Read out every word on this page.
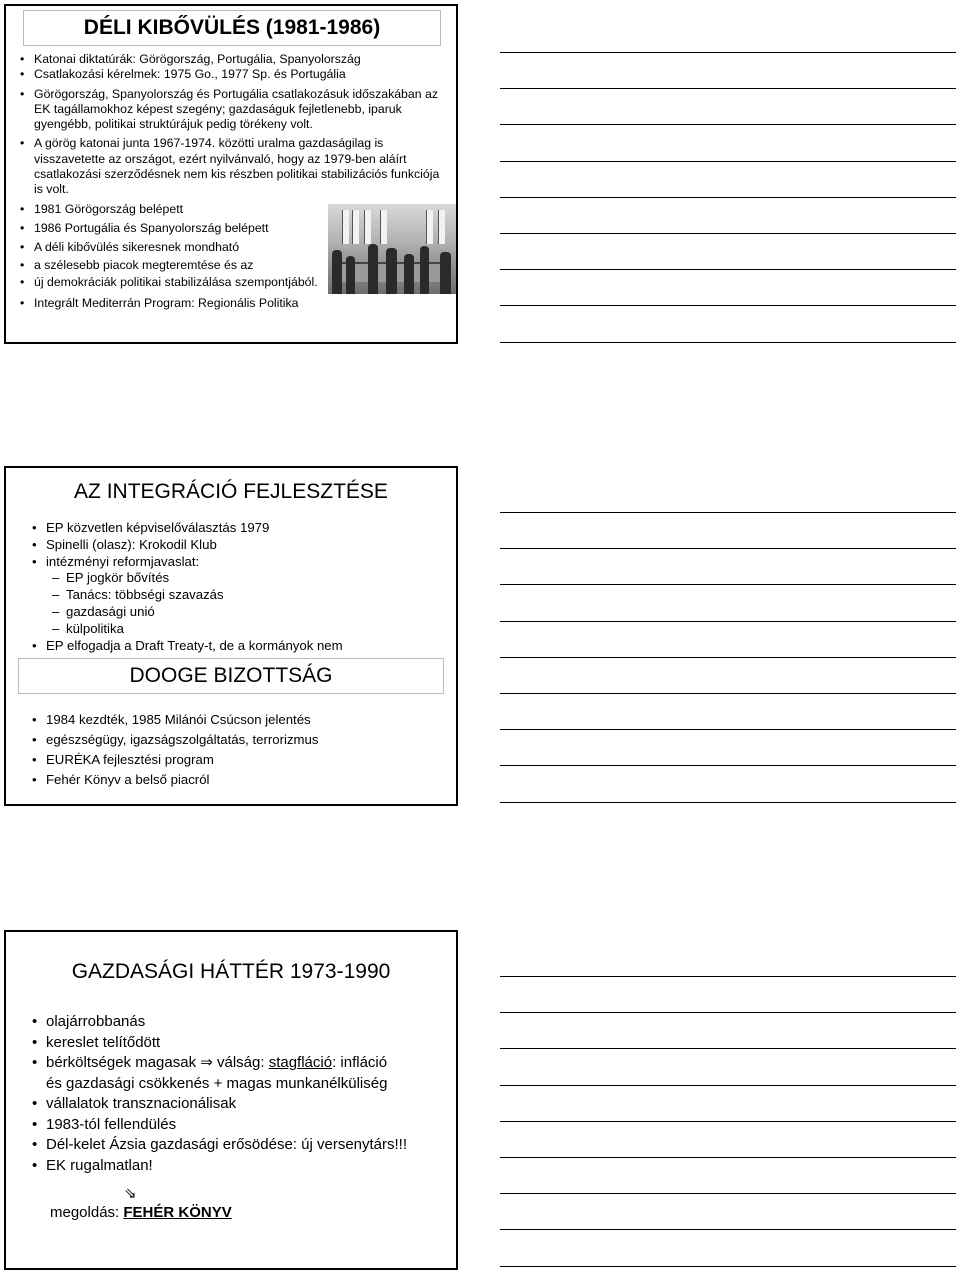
DÉLI KIBŐVÜLÉS (1981-1986)
• Katonai diktatúrák: Görögország, Portugália, Spanyolország
• Csatlakozási kérelmek: 1975 Go., 1977 Sp. és Portugália
• Görögország, Spanyolország és Portugália csatlakozásuk időszakában az EK tagállamokhoz képest szegény; gazdaságuk fejletlenebb, iparuk gyengébb, politikai struktúrájuk pedig törékeny volt.
• A görög katonai junta 1967-1974. közötti uralma gazdaságilag is visszavetette az országot, ezért nyilvánvaló, hogy az 1979-ben aláírt csatlakozási szerződésnek nem kis részben politikai stabilizációs funkciója is volt.
• 1981 Görögország belépett
• 1986 Portugália és Spanyolország belépett
• A déli kibővülés sikeresnek mondható
• a szélesebb piacok megteremtése és az
• új demokráciák politikai stabilizálása szempontjából.
• Integrált Mediterrán Program: Regionális Politika
AZ INTEGRÁCIÓ FEJLESZTÉSE
• EP közvetlen képviselőválasztás 1979
• Spinelli (olasz): Krokodil Klub
• intézményi reformjavaslat:
– EP jogkör bővítés
– Tanács: többségi szavazás
– gazdasági unió
– külpolitika
• EP elfogadja a Draft Treaty-t, de a kormányok nem
DOOGE BIZOTTSÁG
• 1984 kezdték, 1985 Milánói Csúcson jelentés
• egészségügy, igazságszolgáltatás, terrorizmus
• EURÉKA fejlesztési program
• Fehér Könyv a belső piacról
GAZDASÁGI HÁTTÉR 1973-1990
• olajárrobbanás
• kereslet telítődött
• bérköltségek magasak ⇒ válság: stagfláció: infláció
és gazdasági csökkenés + magas munkanélküliség
• vállalatok transznacionálisak
• 1983-tól fellendülés
• Dél-kelet Ázsia gazdasági erősödése: új versenytárs!!!
• EK rugalmatlan!
⇘
megoldás: FEHÉR KÖNYV
